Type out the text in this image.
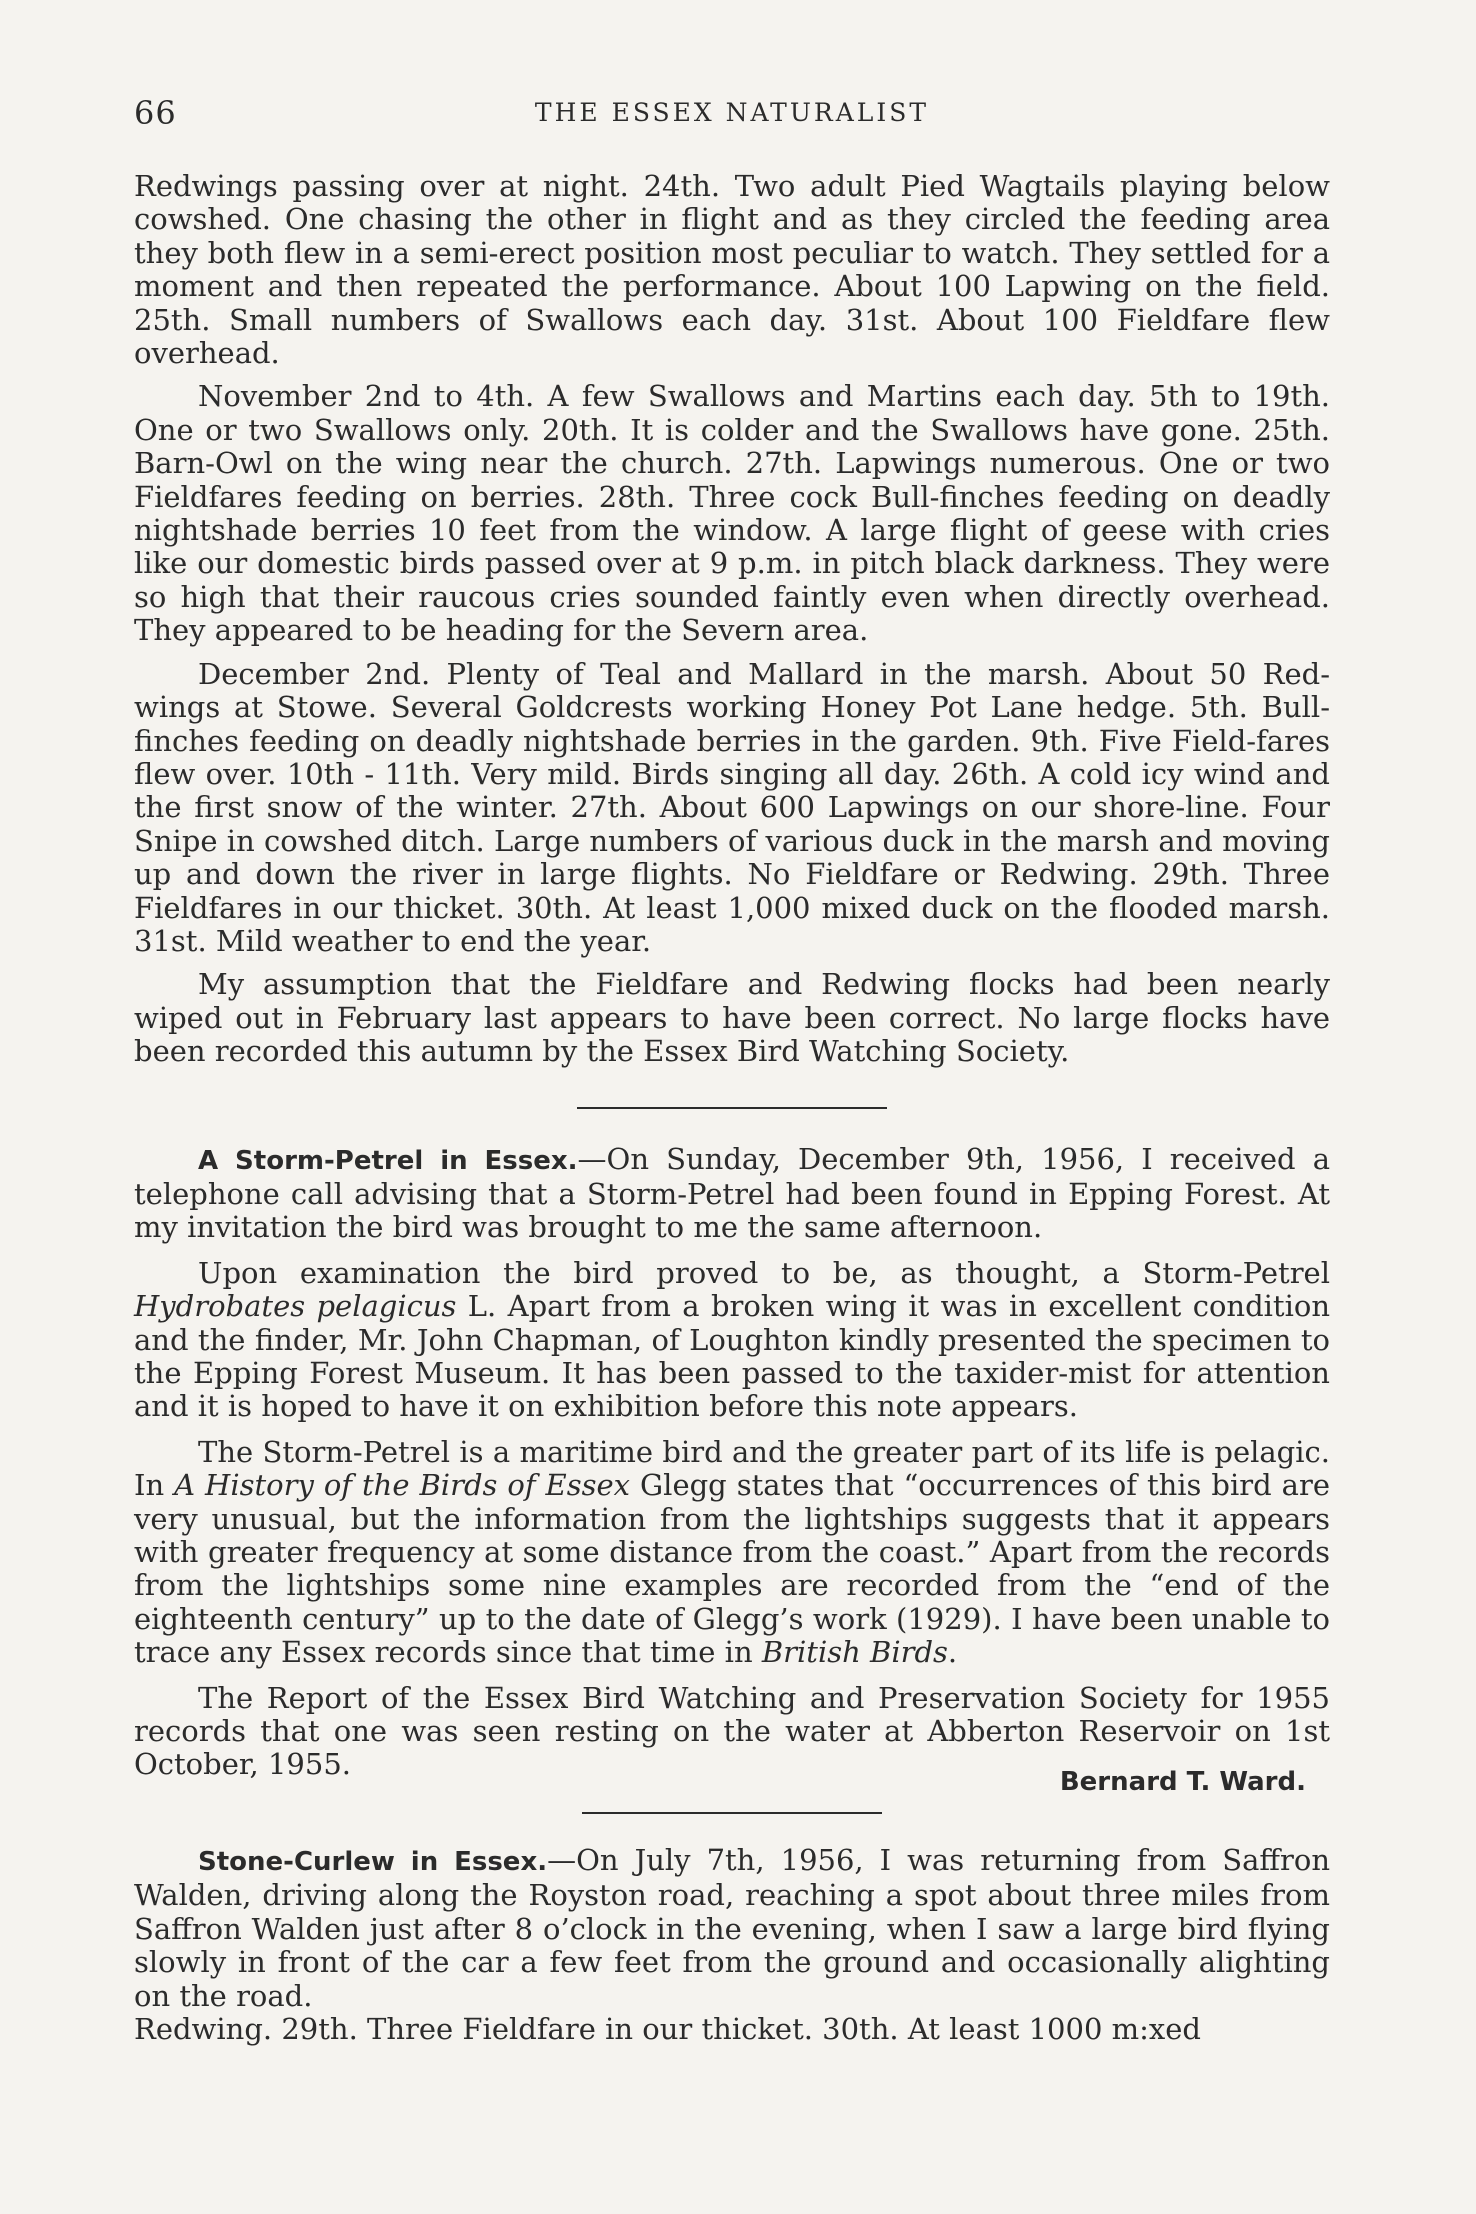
66	THE ESSEX NATURALIST

Redwings passing over at night. 24th. Two adult Pied Wagtails playing below cowshed. One chasing the other in flight and as they circled the feeding area they both flew in a semi-erect position most peculiar to watch. They settled for a moment and then repeated the performance. About 100 Lapwing on the field. 25th. Small numbers of Swallows each day. 31st. About 100 Fieldfare flew overhead.

November 2nd to 4th. A few Swallows and Martins each day. 5th to 19th. One or two Swallows only. 20th. It is colder and the Swallows have gone. 25th. Barn-Owl on the wing near the church. 27th. Lapwings numerous. One or two Fieldfares feeding on berries. 28th. Three cock Bull-finches feeding on deadly nightshade berries 10 feet from the window. A large flight of geese with cries like our domestic birds passed over at 9 p.m. in pitch black darkness. They were so high that their raucous cries sounded faintly even when directly overhead. They appeared to be heading for the Severn area.

December 2nd. Plenty of Teal and Mallard in the marsh. About 50 Red-wings at Stowe. Several Goldcrests working Honey Pot Lane hedge. 5th. Bull-finches feeding on deadly nightshade berries in the garden. 9th. Five Field-fares flew over. 10th - 11th. Very mild. Birds singing all day. 26th. A cold icy wind and the first snow of the winter. 27th. About 600 Lapwings on our shore-line. Four Snipe in cowshed ditch. Large numbers of various duck in the marsh and moving up and down the river in large flights. No Fieldfare or Redwing. 29th. Three Fieldfares in our thicket. 30th. At least 1,000 mixed duck on the flooded marsh. 31st. Mild weather to end the year.

My assumption that the Fieldfare and Redwing flocks had been nearly wiped out in February last appears to have been correct. No large flocks have been recorded this autumn by the Essex Bird Watching Society.

A Storm-Petrel in Essex.—On Sunday, December 9th, 1956, I received a telephone call advising that a Storm-Petrel had been found in Epping Forest. At my invitation the bird was brought to me the same afternoon.

Upon examination the bird proved to be, as thought, a Storm-Petrel Hydrobates pelagicus L. Apart from a broken wing it was in excellent condition and the finder, Mr. John Chapman, of Loughton kindly presented the specimen to the Epping Forest Museum. It has been passed to the taxider-mist for attention and it is hoped to have it on exhibition before this note appears.

The Storm-Petrel is a maritime bird and the greater part of its life is pelagic. In A History of the Birds of Essex Glegg states that “occurrences of this bird are very unusual, but the information from the lightships suggests that it appears with greater frequency at some distance from the coast.” Apart from the records from the lightships some nine examples are recorded from the “end of the eighteenth century” up to the date of Glegg’s work (1929). I have been unable to trace any Essex records since that time in British Birds.

The Report of the Essex Bird Watching and Preservation Society for 1955 records that one was seen resting on the water at Abberton Reservoir on 1st October, 1955.
Bernard T. Ward.

Stone-Curlew in Essex.—On July 7th, 1956, I was returning from Saffron Walden, driving along the Royston road, reaching a spot about three miles from Saffron Walden just after 8 o’clock in the evening, when I saw a large bird flying slowly in front of the car a few feet from the ground and occasionally alighting on the road.

Redwing. 29th. Three Fieldfare in our thicket. 30th. At least 1000 m:xed
